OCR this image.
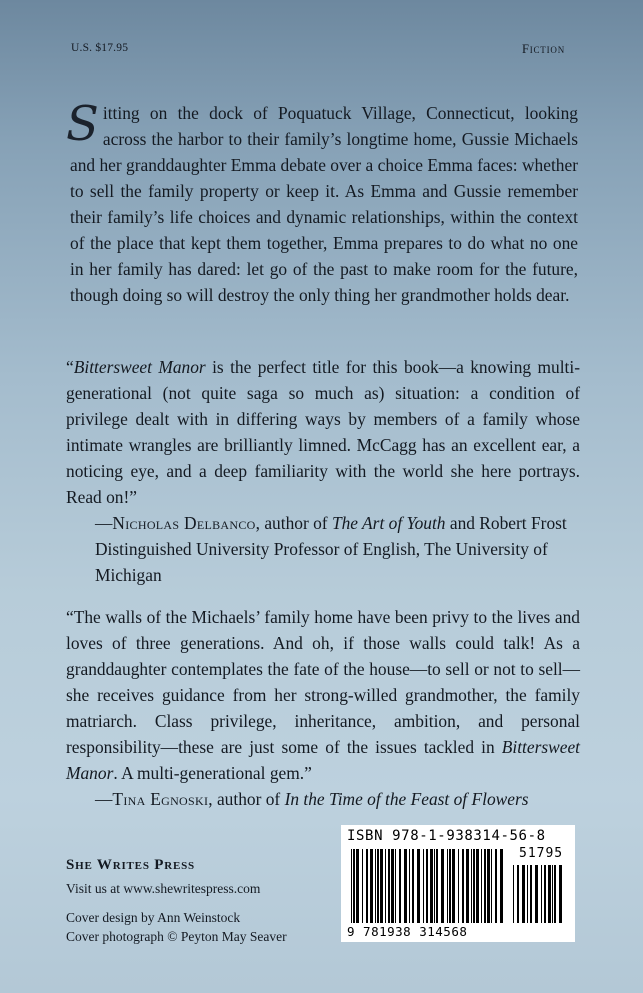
U.S. $17.95	Fiction

Sitting on the dock of Poquatuck Village, Connecticut, looking across the harbor to their family’s longtime home, Gussie Michaels and her granddaughter Emma debate over a choice Emma faces: whether to sell the family property or keep it. As Emma and Gussie remember their family’s life choices and dynamic relationships, within the context of the place that kept them together, Emma prepares to do what no one in her family has dared: let go of the past to make room for the future, though doing so will destroy the only thing her grandmother holds dear.

“Bittersweet Manor is the perfect title for this book—a knowing multi-generational (not quite saga so much as) situation: a condition of privilege dealt with in differing ways by members of a family whose intimate wrangles are brilliantly limned. McCagg has an excellent ear, a noticing eye, and a deep familiarity with the world she here portrays. Read on!”

—Nicholas Delbanco, author of The Art of Youth and Robert Frost Distinguished University Professor of English, The University of Michigan

“The walls of the Michaels’ family home have been privy to the lives and loves of three generations. And oh, if those walls could talk! As a granddaughter contemplates the fate of the house—to sell or not to sell—she receives guidance from her strong-willed grandmother, the family matriarch. Class privilege, inheritance, ambition, and personal responsibility—these are just some of the issues tackled in Bittersweet Manor. A multi-generational gem.”

—Tina Egnoski, author of In the Time of the Feast of Flowers

She Writes Press

Visit us at www.shewritespress.com

Cover design by Ann Weinstock

Cover photograph © Peyton May Seaver

ISBN 978-1-938314-56-8
51795
9 781938 314568
